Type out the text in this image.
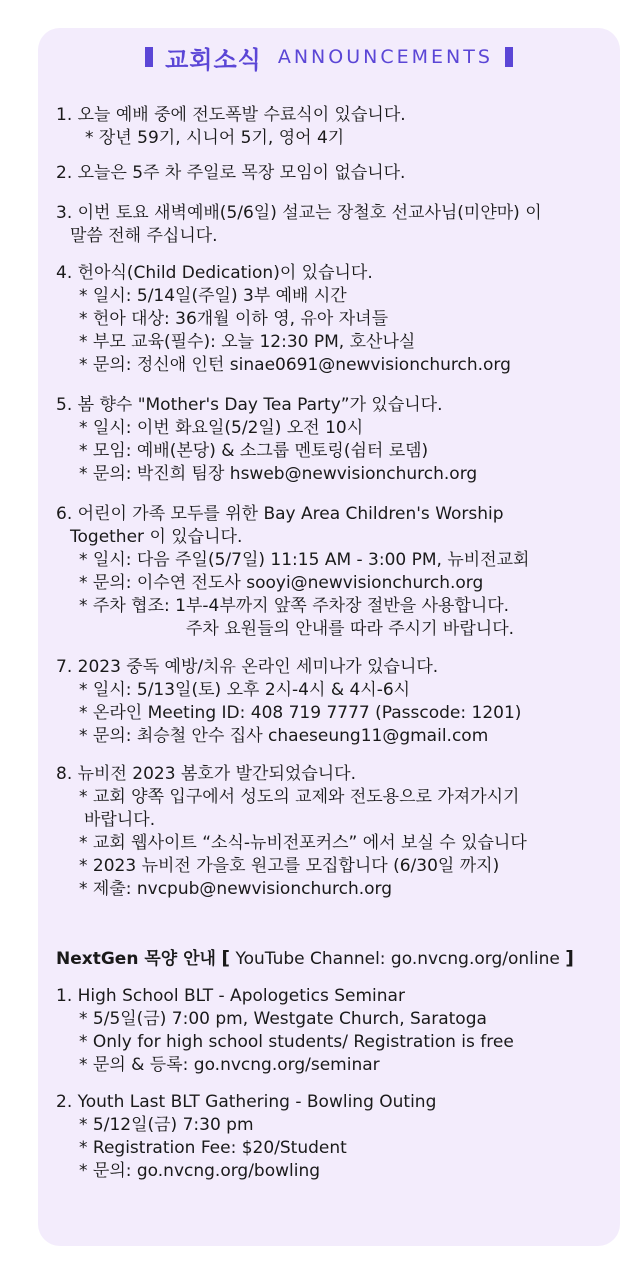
교회소식 ANNOUNCEMENTS
1. 오늘 예배 중에 전도폭발 수료식이 있습니다.
* 장년 59기, 시니어 5기, 영어 4기
2. 오늘은 5주 차 주일로 목장 모임이 없습니다.
3. 이번 토요 새벽예배(5/6일) 설교는 장철호 선교사님(미얀마) 이
말씀 전해 주십니다.
4. 헌아식(Child Dedication)이 있습니다.
* 일시: 5/14일(주일) 3부 예배 시간
* 헌아 대상: 36개월 이하 영, 유아 자녀들
* 부모 교육(필수): 오늘 12:30 PM, 호산나실
* 문의: 정신애 인턴 sinae0691@newvisionchurch.org
5. 봄 향수 "Mother's Day Tea Party”가 있습니다.
* 일시: 이번 화요일(5/2일) 오전 10시
* 모임: 예배(본당) & 소그룹 멘토링(쉼터 로뎀)
* 문의: 박진희 팀장 hsweb@newvisionchurch.org
6. 어린이 가족 모두를 위한 Bay Area Children's Worship
Together 이 있습니다.
* 일시: 다음 주일(5/7일) 11:15 AM - 3:00 PM, 뉴비전교회
* 문의: 이수연 전도사 sooyi@newvisionchurch.org
* 주차 협조: 1부-4부까지 앞쪽 주차장 절반을 사용합니다.
주차 요원들의 안내를 따라 주시기 바랍니다.
7. 2023 중독 예방/치유 온라인 세미나가 있습니다.
* 일시: 5/13일(토) 오후 2시-4시 & 4시-6시
* 온라인 Meeting ID: 408 719 7777 (Passcode: 1201)
* 문의: 최승철 안수 집사 chaeseung11@gmail.com
8. 뉴비전 2023 봄호가 발간되었습니다.
* 교회 양쪽 입구에서 성도의 교제와 전도용으로 가져가시기
바랍니다.
* 교회 웹사이트 “소식-뉴비전포커스” 에서 보실 수 있습니다
* 2023 뉴비전 가을호 원고를 모집합니다 (6/30일 까지)
* 제출: nvcpub@newvisionchurch.org
NextGen 목양 안내 [ YouTube Channel: go.nvcng.org/online ]
1. High School BLT - Apologetics Seminar
* 5/5일(금) 7:00 pm, Westgate Church, Saratoga
* Only for high school students/ Registration is free
* 문의 & 등록: go.nvcng.org/seminar
2. Youth Last BLT Gathering - Bowling Outing
* 5/12일(금) 7:30 pm
* Registration Fee: $20/Student
* 문의: go.nvcng.org/bowling
